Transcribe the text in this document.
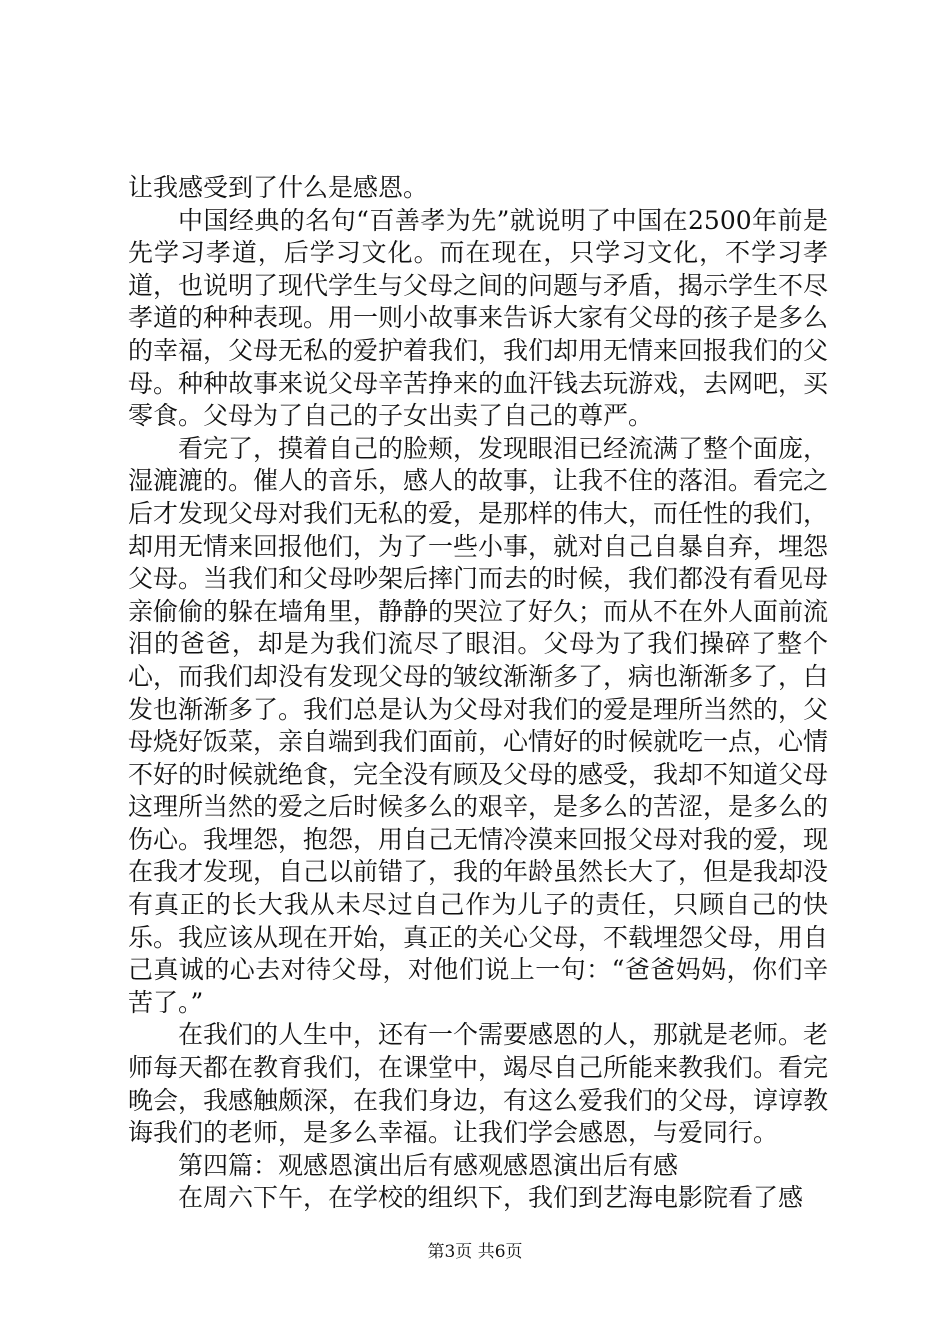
让我感受到了什么是感恩。

中国经典的名句“百善孝为先”就说明了中国在2500年前是先学习孝道，后学习文化。而在现在，只学习文化，不学习孝道，也说明了现代学生与父母之间的问题与矛盾，揭示学生不尽孝道的种种表现。用一则小故事来告诉大家有父母的孩子是多么的幸福，父母无私的爱护着我们，我们却用无情来回报我们的父母。种种故事来说父母辛苦挣来的血汗钱去玩游戏，去网吧，买零食。父母为了自己的子女出卖了自己的尊严。

看完了，摸着自己的脸颊，发现眼泪已经流满了整个面庞，湿漉漉的。催人的音乐，感人的故事，让我不住的落泪。看完之后才发现父母对我们无私的爱，是那样的伟大，而任性的我们，却用无情来回报他们，为了一些小事，就对自己自暴自弃，埋怨父母。当我们和父母吵架后摔门而去的时候，我们都没有看见母亲偷偷的躲在墙角里，静静的哭泣了好久；而从不在外人面前流泪的爸爸，却是为我们流尽了眼泪。父母为了我们操碎了整个心，而我们却没有发现父母的皱纹渐渐多了，病也渐渐多了，白发也渐渐多了。我们总是认为父母对我们的爱是理所当然的，父母烧好饭菜，亲自端到我们面前，心情好的时候就吃一点，心情不好的时候就绝食，完全没有顾及父母的感受，我却不知道父母这理所当然的爱之后时候多么的艰辛，是多么的苦涩，是多么的伤心。我埋怨，抱怨，用自己无情冷漠来回报父母对我的爱，现在我才发现，自己以前错了，我的年龄虽然长大了，但是我却没有真正的长大我从未尽过自己作为儿子的责任，只顾自己的快乐。我应该从现在开始，真正的关心父母，不载埋怨父母，用自己真诚的心去对待父母，对他们说上一句：“爸爸妈妈，你们辛苦了。”

在我们的人生中，还有一个需要感恩的人，那就是老师。老师每天都在教育我们，在课堂中，竭尽自己所能来教我们。看完晚会，我感触颇深，在我们身边，有这么爱我们的父母，谆谆教诲我们的老师，是多么幸福。让我们学会感恩，与爱同行。

第四篇：观感恩演出后有感观感恩演出后有感

在周六下午，在学校的组织下，我们到艺海电影院看了感

第3页 共6页
